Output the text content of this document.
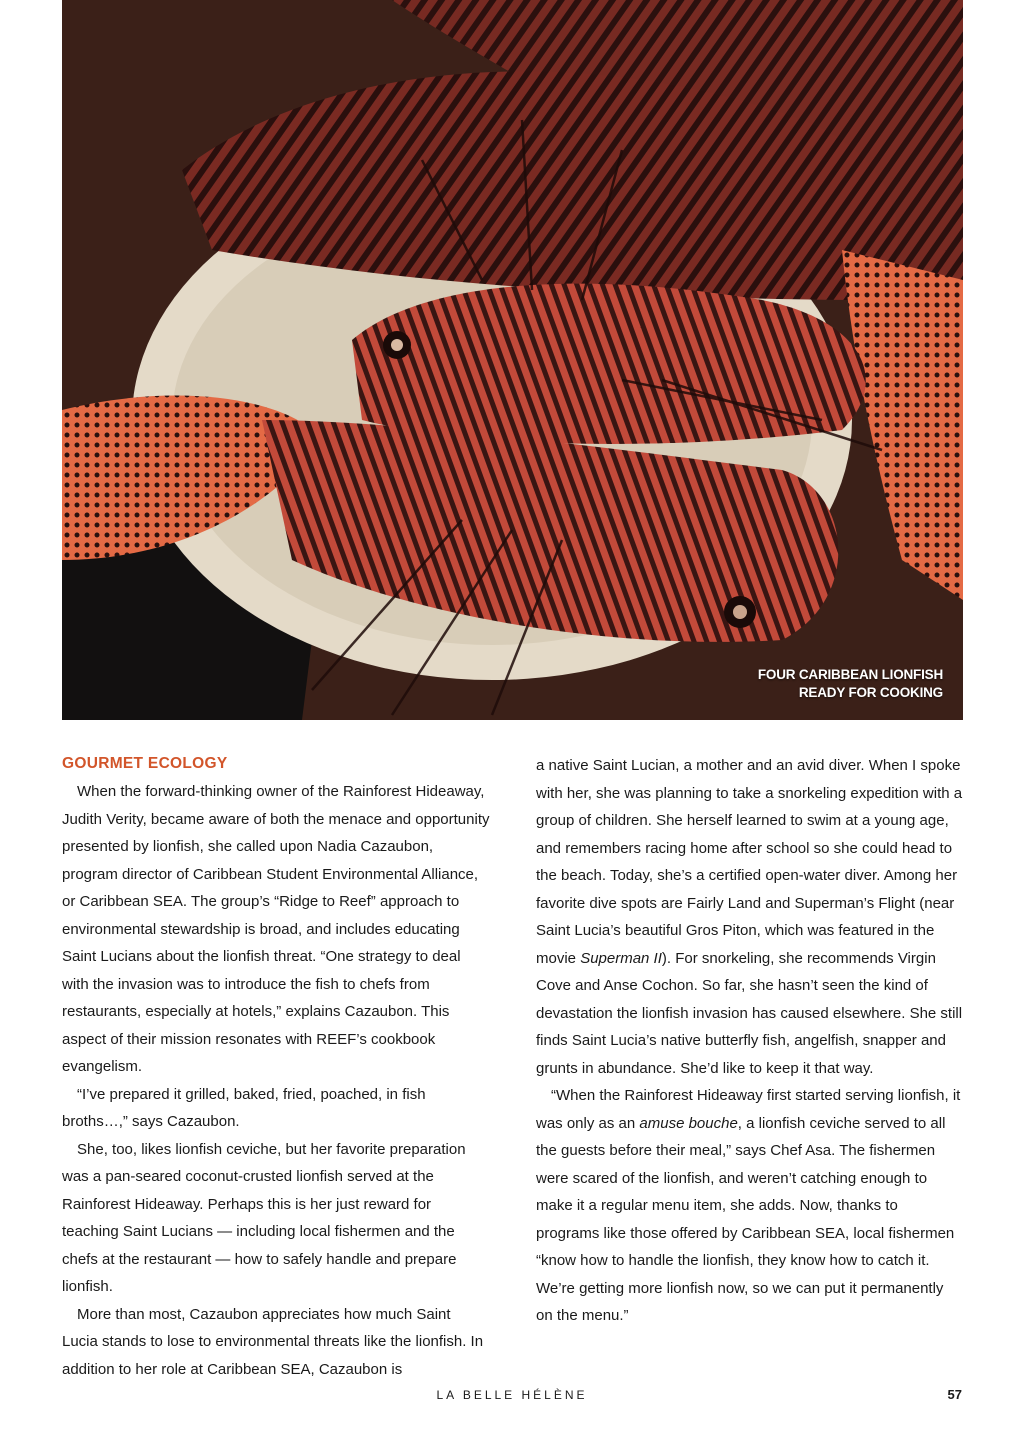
FOUR CARIBBEAN LIONFISH
READY FOR COOKING

GOURMET ECOLOGY

When the forward-thinking owner of the Rainforest Hideaway, Judith Verity, became aware of both the menace and opportunity presented by lionfish, she called upon Nadia Cazaubon, program director of Caribbean Student Environmental Alliance, or Caribbean SEA. The group’s “Ridge to Reef” approach to environmental stewardship is broad, and includes educating Saint Lucians about the lionfish threat. “One strategy to deal with the invasion was to introduce the fish to chefs from restaurants, especially at hotels,” explains Cazaubon. This aspect of their mission resonates with REEF’s cookbook evangelism.

“I’ve prepared it grilled, baked, fried, poached, in fish broths…,” says Cazaubon.

She, too, likes lionfish ceviche, but her favorite preparation was a pan-seared coconut-crusted lionfish served at the Rainforest Hideaway. Perhaps this is her just reward for teaching Saint Lucians — including local fishermen and the chefs at the restaurant — how to safely handle and prepare lionfish.

More than most, Cazaubon appreciates how much Saint Lucia stands to lose to environmental threats like the lionfish. In addition to her role at Caribbean SEA, Cazaubon is

a native Saint Lucian, a mother and an avid diver. When I spoke with her, she was planning to take a snorkeling expedition with a group of children. She herself learned to swim at a young age, and remembers racing home after school so she could head to the beach. Today, she’s a certified open-water diver. Among her favorite dive spots are Fairly Land and Superman’s Flight (near Saint Lucia’s beautiful Gros Piton, which was featured in the movie Superman II). For snorkeling, she recommends Virgin Cove and Anse Cochon. So far, she hasn’t seen the kind of devastation the lionfish invasion has caused elsewhere. She still finds Saint Lucia’s native butterfly fish, angelfish, snapper and grunts in abundance. She’d like to keep it that way.

“When the Rainforest Hideaway first started serving lionfish, it was only as an amuse bouche, a lionfish ceviche served to all the guests before their meal,” says Chef Asa. The fishermen were scared of the lionfish, and weren’t catching enough to make it a regular menu item, she adds. Now, thanks to programs like those offered by Caribbean SEA, local fishermen “know how to handle the lionfish, they know how to catch it. We’re getting more lionfish now, so we can put it permanently on the menu.”

LA BELLE HÉLÈNE	57
